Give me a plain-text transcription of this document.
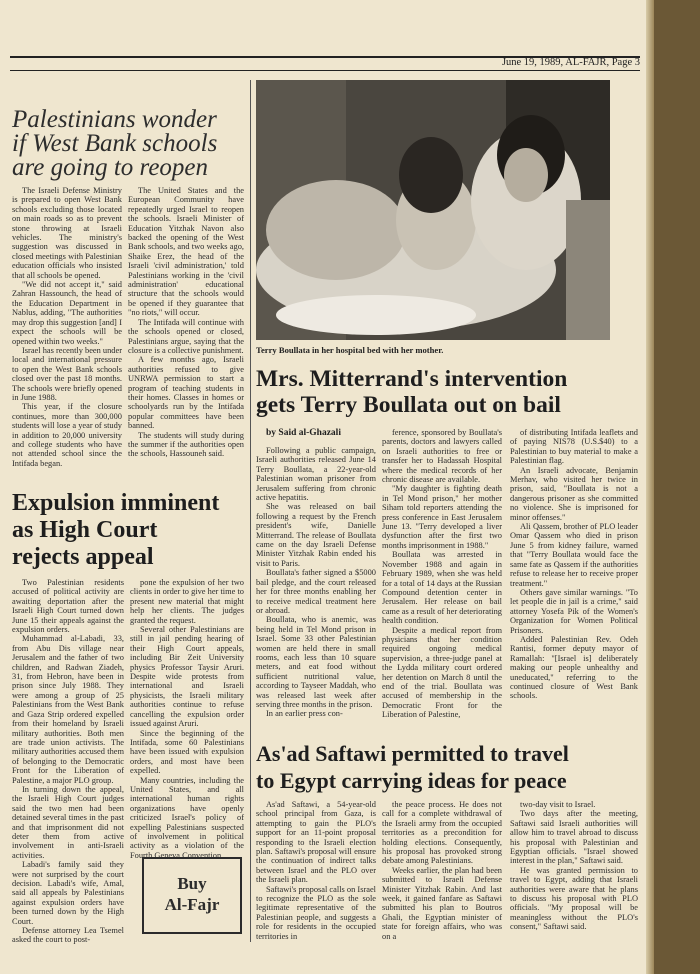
June 19, 1989, AL-FAJR, Page 3
Palestinians wonder
if West Bank schools
are going to reopen

The Israeli Defense Ministry is prepared to open West Bank schools excluding those located on main roads so as to prevent stone throwing at Israeli vehicles. The ministry's suggestion was discussed in closed meetings with Palestinian education officials who insisted that all schools be opened.

"We did not accept it," said Zahran Hassounch, the head of the Education Department in Nablus, adding, "The authorities may drop this suggestion [and] I expect the schools will be opened within two weeks."

Israel has recently been under local and international pressure to open the West Bank schools closed over the past 18 months. The schools were briefly opened in June 1988.

This year, if the closure continues, more than 300,000 students will lose a year of study in addition to 20,000 university and college students who have not attended school since the Intifada began.

The United States and the European Community have repeatedly urged Israel to reopen the schools. Israeli Minister of Education Yitzhak Navon also backed the opening of the West Bank schools, and two weeks ago, Shaike Erez, the head of the Israeli 'civil administration,' told Palestinians working in the 'civil administration' educational structure that the schools would be opened if they guarantee that "no riots," will occur.

The Intifada will continue with the schools opened or closed, Palestinians argue, saying that the closure is a collective punishment.

A few months ago, Israeli authorities refused to give UNRWA permission to start a program of teaching students in their homes. Classes in homes or schoolyards run by the Intifada popular committees have been banned.

The students will study during the summer if the authorities open the schools, Hassouneh said.

Expulsion imminent
as High Court
rejects appeal

Two Palestinian residents accused of political activity are awaiting deportation after the Israeli High Court turned down June 15 their appeals against the expulsion orders.

Muhammad al-Labadi, 33, from Abu Dis village near Jerusalem and the father of two children, and Radwan Ziadeh, 31, from Hebron, have been in prison since July 1988. They were among a group of 25 Palestinians from the West Bank and Gaza Strip ordered expelled from their homeland by Israeli military authorities. Both men are trade union activists. The military authorities accused them of belonging to the Democratic Front for the Liberation of Palestine, a major PLO group.

In turning down the appeal, the Israeli High Court judges said the two men had been detained several times in the past and that imprisonment did not deter them from active involvement in anti-Israeli activities.

Labadi's family said they were not surprised by the court decision. Labadi's wife, Amal, said all appeals by Palestinians against expulsion orders have been turned down by the High Court.

Defense attorney Lea Tsemel asked the court to post-

pone the expulsion of her two clients in order to give her time to present new material that might help her clients. The judges granted the request.

Several other Palestinians are still in jail pending hearing of their High Court appeals, including Bir Zeit University physics Professor Taysir Aruri. Despite wide protests from international and Israeli physicists, the Israeli military authorities continue to refuse cancelling the expulsion order issued against Aruri.

Since the beginning of the Intifada, some 60 Palestinians have been issued with expulsion orders, and most have been expelled.

Many countries, including the United States, and all international human rights organizations have openly criticized Israel's policy of expelling Palestinians suspected of involvement in political activity as a violation of the Fourth Geneva Convention.

Buy
Al-Fajr
Terry Boullata in her hospital bed with her mother.
Mrs. Mitterrand's intervention
gets Terry Boullata out on bail
by Said al-Ghazali

Following a public campaign, Israeli authorities released June 14 Terry Boullata, a 22-year-old Palestinian woman prisoner from Jerusalem suffering from chronic active hepatitis.

She was released on bail following a request by the French president's wife, Danielle Mitterrand. The release of Boullata came on the day Israeli Defense Minister Yitzhak Rabin ended his visit to Paris.

Boullata's father signed a $5000 bail pledge, and the court released her for three months enabling her to receive medical treatment here or abroad.

Boullata, who is anemic, was being held in Tel Mond prison in Israel. Some 33 other Palestinian women are held there in small rooms, each less than 10 square meters, and eat food without sufficient nutritional value, according to Tayseer Maddah, who was released last week after serving three months in the prison.

In an earlier press con-

ference, sponsored by Boullata's parents, doctors and lawyers called on Israeli authorities to free or transfer her to Hadassah Hospital where the medical records of her chronic disease are available.

"My daughter is fighting death in Tel Mond prison," her mother Siham told reporters attending the press conference in East Jerusalem June 13. "Terry developed a liver dysfunction after the first two months imprisonment in 1988."

Boullata was arrested in November 1988 and again in February 1989, when she was held for a total of 14 days at the Russian Compound detention center in Jerusalem. Her release on bail came as a result of her deteriorating health condition.

Despite a medical report from physicians that her condition required ongoing medical supervision, a three-judge panel at the Lydda military court ordered her detention on March 8 until the end of the trial. Boullata was accused of membership in the Democratic Front for the Liberation of Palestine,

of distributing Intifada leaflets and of paying NIS78 (U.S.$40) to a Palestinian to buy material to make a Palestinian flag.

An Israeli advocate, Benjamin Merhav, who visited her twice in prison, said, "Boullata is not a dangerous prisoner as she committed no violence. She is imprisoned for minor offenses."

Ali Qassem, brother of PLO leader Omar Qassem who died in prison June 5 from kidney failure, warned that "Terry Boullata would face the same fate as Qassem if the authorities refuse to release her to receive proper treatment."

Others gave similar warnings. "To let people die in jail is a crime," said attorney Yosefa Pik of the Women's Organization for Women Political Prisoners.

Added Palestinian Rev. Odeh Rantisi, former deputy mayor of Ramallah: "[Israel is] deliberately making our people unhealthy and uneducated," referring to the continued closure of West Bank schools.

As'ad Saftawi permitted to travel
to Egypt carrying ideas for peace

As'ad Saftawi, a 54-year-old school principal from Gaza, is attempting to gain the PLO's support for an 11-point proposal responding to the Israeli election plan. Saftawi's proposal will ensure the continuation of indirect talks between Israel and the PLO over the Israeli plan.

Saftawi's proposal calls on Israel to recognize the PLO as the sole legitimate representative of the Palestinian people, and suggests a role for residents in the occupied territories in

the peace process. He does not call for a complete withdrawal of the Israeli army from the occupied territories as a precondition for holding elections. Consequently, his proposal has provoked strong debate among Palestinians.

Weeks earlier, the plan had been submitted to Israeli Defense Minister Yitzhak Rabin. And last week, it gained fanfare as Saftawi submitted his plan to Boutros Ghali, the Egyptian minister of state for foreign affairs, who was on a

two-day visit to Israel.

Two days after the meeting, Saftawi said Israeli authorities will allow him to travel abroad to discuss his proposal with Palestinian and Egyptian officials. "Israel showed interest in the plan," Saftawi said.

He was granted permission to travel to Egypt, adding that Israeli authorities were aware that he plans to discuss his proposal with PLO officials. "My proposal will be meaningless without the PLO's consent," Saftawi said.
